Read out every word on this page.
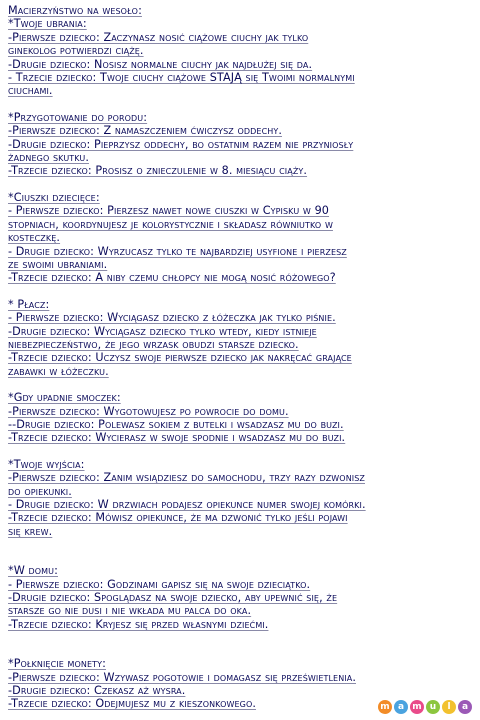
Macierzyństwo na wesoło:
*Twoje ubrania:
-Pierwsze dziecko: Zaczynasz nosić ciążowe ciuchy jak tylko
ginekolog potwierdzi ciążę.
-Drugie dziecko: Nosisz normalne ciuchy jak najdłużej się da.
- Trzecie dziecko: Twoje ciuchy ciążowe STAJĄ się Twoimi normalnymi
ciuchami.
*Przygotowanie do porodu:
-Pierwsze dziecko: Z namaszczeniem ćwiczysz oddechy.
-Drugie dziecko: Pieprzysz oddechy, bo ostatnim razem nie przyniosły
żadnego skutku.
-Trzecie dziecko: Prosisz o znieczulenie w 8. miesiącu ciąży.
*Ciuszki dziecięce:
- Pierwsze dziecko: Pierzesz nawet nowe ciuszki w Cypisku w 90
stopniach, koordynujesz je kolorystycznie i składasz równiutko w
kosteczkę.
- Drugie dziecko: Wyrzucasz tylko te najbardziej usyfione i pierzesz
ze swoimi ubraniami.
-Trzecie dziecko: A niby czemu chłopcy nie mogą nosić różowego?
* Płacz:
- Pierwsze dziecko: Wyciągasz dziecko z łóżeczka jak tylko piśnie.
-Drugie dziecko: Wyciągasz dziecko tylko wtedy, kiedy istnieje
niebezpieczeństwo, że jego wrzask obudzi starsze dziecko.
-Trzecie dziecko: Uczysz swoje pierwsze dziecko jak nakręcać grające
zabawki w łóżeczku.
*Gdy upadnie smoczek:
-Pierwsze dziecko: Wygotowujesz po powrocie do domu.
--Drugie dziecko: Polewasz sokiem z butelki i wsadzasz mu do buzi.
-Trzecie dziecko: Wycierasz w swoje spodnie i wsadzasz mu do buzi.
*Twoje wyjścia:
-Pierwsze dziecko: Zanim wsiądziesz do samochodu, trzy razy dzwonisz
do opiekunki.
- Drugie dziecko: W drzwiach podajesz opiekunce numer swojej komórki.
-Trzecie dziecko: Mówisz opiekunce, że ma dzwonić tylko jeśli pojawi
się krew.
*W domu:
- Pierwsze dziecko: Godzinami gapisz się na swoje dzieciątko.
-Drugie dziecko: Spoglądasz na swoje dziecko, aby upewnić się, że
starsze go nie dusi i nie wkłada mu palca do oka.
-Trzecie dziecko: Kryjesz się przed własnymi dziećmi.
*Połknięcie monety:
-Pierwsze dziecko: Wzywasz pogotowie i domagasz się prześwietlenia.
-Drugie dziecko: Czekasz aż wysra.
-Trzecie dziecko: Odejmujesz mu z kieszonkowego.	m a m u	l	a
